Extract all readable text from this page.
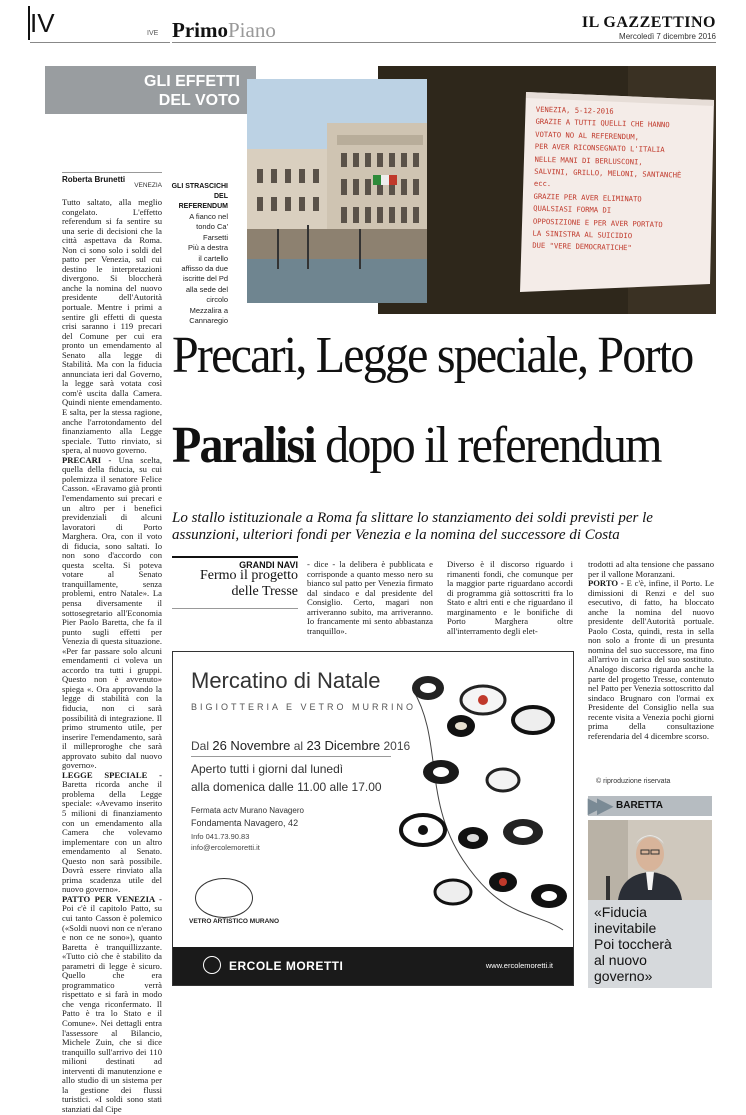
IV	IVE PrimoPiano	IL GAZZETTINO
Mercoledì 7 dicembre 2016
GLI EFFETTI
DEL VOTO
VENEZIA, 5-12-2016
GRAZIE A TUTTI QUELLI CHE HANNO
VOTATO NO AL REFERENDUM,
PER AVER RICONSEGNATO L'ITALIA
NELLE MANI DI BERLUSCONI,
SALVINI, GRILLO, MELONI, SANTANCHÈ
ecc.
GRAZIE PER AVER ELIMINATO
QUALSIASI FORMA DI
OPPOSIZIONE E PER AVER PORTATO
LA SINISTRA AL SUICIDIO
DUE "VERE DEMOCRATICHE"
GLI STRASCICHI
DEL
REFERENDUM
A fianco nel
tondo Ca'
Farsetti
Più a destra
il cartello
affisso da due
iscritte del Pd
alla sede del
circolo
Mezzalira a
Cannaregio
Roberta Brunetti
VENEZIA

Tutto saltato, alla meglio congelato. L'effetto referendum si fa sentire su una serie di decisioni che la città aspettava da Roma. Non ci sono solo i soldi del patto per Venezia, sul cui destino le interpretazioni divergono. Si bloccherà anche la nomina del nuovo presidente dell'Autorità portuale. Mentre i primi a sentire gli effetti di questa crisi saranno i 119 precari del Comune per cui era pronto un emendamento al Senato alla legge di Stabilità. Ma con la fiducia annunciata ieri dal Governo, la legge sarà votata così com'è uscita dalla Camera. Quindi niente emendamento. E salta, per la stessa ragione, anche l'arrotondamento del finanziamento alla Legge speciale. Tutto rinviato, si spera, al nuovo governo.

PRECARI - Una scelta, quella della fiducia, su cui polemizza il senatore Felice Casson. «Eravamo già pronti l'emendamento sui precari e un altro per i benefici previdenziali di alcuni lavoratori di Porto Marghera. Ora, con il voto di fiducia, sono saltati. Io non sono d'accordo con questa scelta. Si poteva votare al Senato tranquillamente, senza problemi, entro Natale». La pensa diversamente il sottosegretario all'Economia Pier Paolo Baretta, che fa il punto sugli effetti per Venezia di questa situazione. «Per far passare solo alcuni emendamenti ci voleva un accordo tra tutti i gruppi. Questo non è avvenuto» spiega «. Ora approvando la legge di stabilità con la fiducia, non ci sarà possibilità di integrazione. Il primo strumento utile, per inserire l'emendamento, sarà il milleproroghe che sarà approvato subito dal nuovo governo».

LEGGE SPECIALE - Baretta ricorda anche il problema della Legge speciale: «Avevamo inserito 5 milioni di finanziamento con un emendamento alla Camera che volevamo implementare con un altro emendamento al Senato. Questo non sarà possibile. Dovrà essere rinviato alla prima scadenza utile del nuovo governo».

PATTO PER VENEZIA - Poi c'è il capitolo Patto, su cui tanto Casson è polemico («Soldi nuovi non ce n'erano e non ce ne sono»), quanto Baretta è tranquillizzante. «Tutto ciò che è stabilito da parametri di legge è sicuro. Quello che era programmatico verrà rispettato e si farà in modo che venga riconfermato. Il Patto è tra lo Stato e il Comune». Nei dettagli entra l'assessore al Bilancio, Michele Zuin, che si dice tranquillo sull'arrivo dei 110 milioni destinati ad interventi di manutenzione e allo studio di un sistema per la gestione dei flussi turistici. «I soldi sono stati stanziati dal Cipe

Precari, Legge speciale, Porto
Paralisi dopo il referendum
Lo stallo istituzionale a Roma fa slittare lo stanziamento dei soldi previsti per le assunzioni, ulteriori fondi per Venezia e la nomina del successore di Costa
GRANDI NAVI
Fermo il progetto
delle Tresse
- dice - la delibera è pubblicata e corrisponde a quanto messo nero su bianco sul patto per Venezia firmato dal sindaco e dal presidente del Consiglio. Certo, magari non arriveranno subito, ma arriveranno. Io francamente mi sento abbastanza tranquillo».
Diverso è il discorso riguardo i rimanenti fondi, che comunque per la maggior parte riguardano accordi di programma già sottoscritti fra lo Stato e altri enti e che riguardano il marginamento e le bonifiche di Porto Marghera oltre all'interramento degli elet-

trodotti ad alta tensione che passano per il vallone Moranzani.

PORTO - E c'è, infine, il Porto. Le dimissioni di Renzi e del suo esecutivo, di fatto, ha bloccato anche la nomina del nuovo presidente dell'Autorità portuale. Paolo Costa, quindi, resta in sella non solo a fronte di un presunta nomina del suo successore, ma fino all'arrivo in carica del suo sostituto. Analogo discorso riguarda anche la parte del progetto Tresse, contenuto nel Patto per Venezia sottoscritto dal sindaco Brugnaro con l'ormai ex Presidente del Consiglio nella sua recente visita a Venezia pochi giorni prima della consultazione referendaria del 4 dicembre scorso.

© riproduzione riservata
Mercatino di Natale
BIGIOTTERIA E VETRO MURRINO
Dal 26 Novembre al 23 Dicembre 2016
Aperto tutti i giorni dal lunedì
alla domenica dalle 11.00 alle 17.00
Fermata actv Murano Navagero
Fondamenta Navagero, 42
Info 041.73.90.83
info@ercolemoretti.it
VETRO ARTISTICO MURANO
ERCOLE MORETTI	www.ercolemoretti.it
BARETTA
▶▶
«Fiducia
inevitabile
Poi toccherà
al nuovo
governo»
